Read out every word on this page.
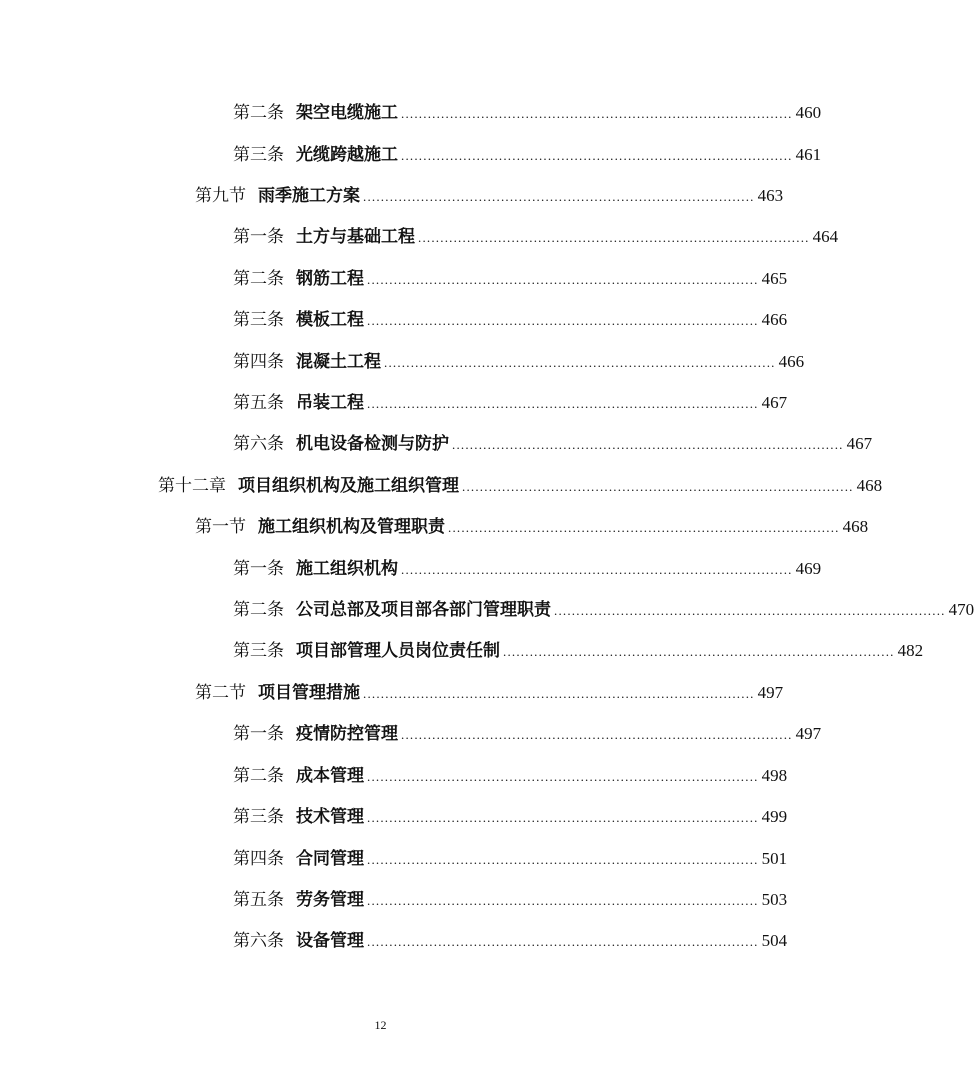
第二条 架空电缆施工 ........................................................................................ 460
第三条 光缆跨越施工 ........................................................................................ 461
第九节 雨季施工方案 ........................................................................................ 463
第一条 土方与基础工程 ........................................................................................ 464
第二条 钢筋工程 ........................................................................................ 465
第三条 模板工程 ........................................................................................ 466
第四条 混凝土工程 ........................................................................................ 466
第五条 吊装工程 ........................................................................................ 467
第六条 机电设备检测与防护 ........................................................................................ 467
第十二章 项目组织机构及施工组织管理 ........................................................................................ 468
第一节 施工组织机构及管理职责 ........................................................................................ 468
第一条 施工组织机构 ........................................................................................ 469
第二条 公司总部及项目部各部门管理职责 ........................................................................................ 470
第三条 项目部管理人员岗位责任制 ........................................................................................ 482
第二节 项目管理措施 ........................................................................................ 497
第一条 疫情防控管理 ........................................................................................ 497
第二条 成本管理 ........................................................................................ 498
第三条 技术管理 ........................................................................................ 499
第四条 合同管理 ........................................................................................ 501
第五条 劳务管理 ........................................................................................ 503
第六条 设备管理 ........................................................................................ 504
12
